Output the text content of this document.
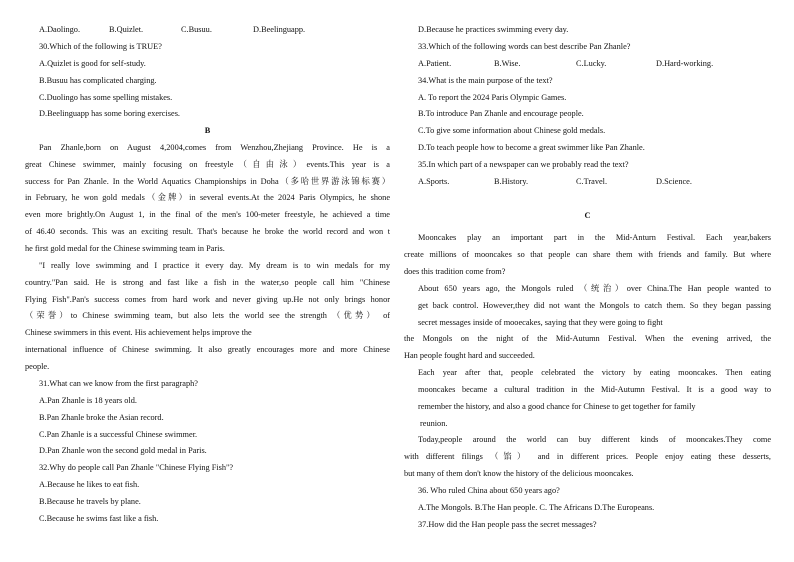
A.Daolingo.	B.Quizlet.	C.Busuu.	D.Beelinguapp.
30.Which of the following is TRUE?
A.Quizlet is good for self-study.
B.Busuu has complicated charging.
C.Duolingo has some spelling mistakes.
D.Beelinguapp has some boring exercises.
B
Pan Zhanle,born on August 4,2004,comes from Wenzhou,Zhejiang Province. He is a
great Chinese swimmer, mainly focusing on freestyle（自由泳）events.This year is a
success for Pan Zhanle. In the World Aquatics Championships in Doha（多哈世界游泳锦标赛）
in February, he won gold medals（金牌）in several events.At the 2024 Paris Olympics, he shone
even more brightly.On August 1, in the final of the men's 100-meter freestyle, he achieved a time
of 46.40 seconds. This was an exciting result. That's because he broke the world record and won t
he first gold medal for the Chinese swimming team in Paris.
"I really love swimming and I practice it every day. My dream is to win medals for my
country."Pan said. He is strong and fast like a fish in the water,so people call him "Chinese
Flying Fish".Pan's success comes from hard work and never giving up.He not only brings honor
（荣誉）to Chinese swimming team, but also lets the world see the strength （优势） of
Chinese swimmers in this event. His achievement helps improve the
international influence of Chinese swimming. It also greatly encourages more and more Chinese
people.
31.What can we know from the first paragraph?
A.Pan Zhanle is 18 years old.
B.Pan Zhanle broke the Asian record.
C.Pan Zhanle is a successful Chinese swimmer.
D.Pan Zhanle won the second gold medal in Paris.
32.Why do people call Pan Zhanle "Chinese Flying Fish"?
A.Because he likes to eat fish.
B.Because he travels by plane.
C.Because he swims fast like a fish.
D.Because he practices swimming every day.
33.Which of the following words can best describe Pan Zhanle?
A.Patient.	B.Wise.	C.Lucky.	D.Hard-working.
34.What is the main purpose of the text?
A. To report the 2024 Paris Olympic Games.
B.To introduce Pan Zhanle and encourage people.
C.To give some information about Chinese gold medals.
D.To teach people how to become a great swimmer like Pan Zhanle.
35.In which part of a newspaper can we probably read the text?
A.Sports.	B.History.	C.Travel.	D.Science.
C
Mooncakes play an important part in the Mid-Anturn Festival. Each year,bakers
create millions of mooncakes so that people can share them with friends and family. But where
does this tradition come from?
About 650 years ago, the Mongols ruled （统治）over China.The Han people wanted to
get back control. However,they did not want the Mongols to catch them. So they began passing
secret messages inside of mooecakes, saying that they were going to fight
the Mongols on the night of the Mid-Autumn Festival. When the evening arrived, the
Han people fought hard and succeeded.
Each year after that, people celebrated the victory by eating mooncakes. Then eating
mooncakes became a cultural tradition in the Mid-Autumn Festival. It is a good way to
remember the history, and also a good chance for Chinese to get together for family
reunion.
Today,people around the world can buy different kinds of mooncakes.They come
with different filings （馅） and in different prices. People enjoy eating these desserts,
but many of them don't know the history of the delicious mooncakes.
36. Who ruled China about 650 years ago?
A.The Mongols. B.The Han people. C. The Africans D.The Europeans.
37.How did the Han people pass the secret messages?
